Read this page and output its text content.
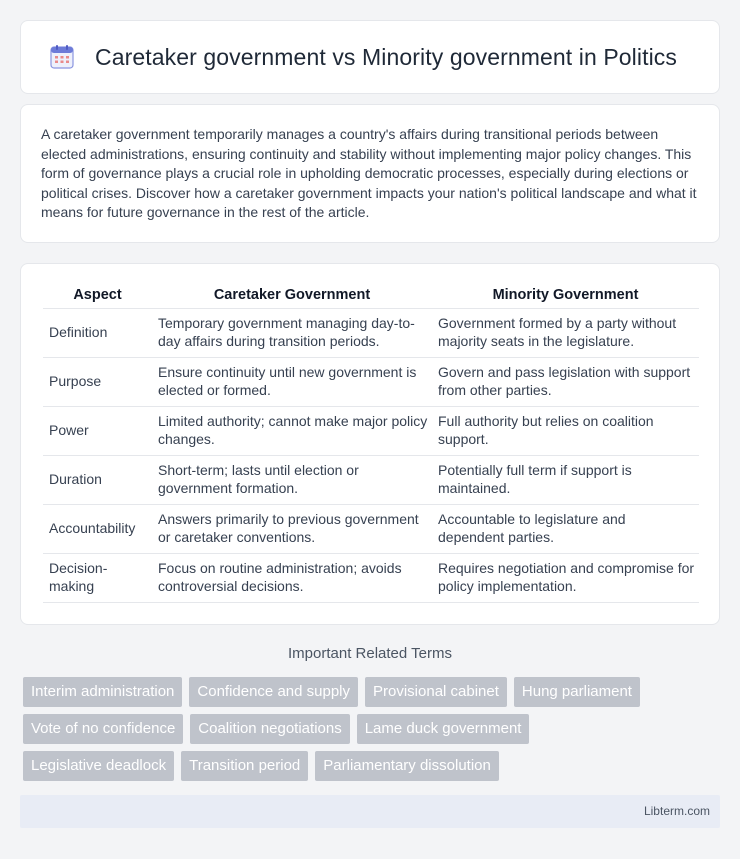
Caretaker government vs Minority government in Politics

A caretaker government temporarily manages a country's affairs during transitional periods between elected administrations, ensuring continuity and stability without implementing major policy changes. This form of governance plays a crucial role in upholding democratic processes, especially during elections or political crises. Discover how a caretaker government impacts your nation's political landscape and what it means for future governance in the rest of the article.

Aspect	Caretaker Government	Minority Government
Definition	Temporary government managing day-to-day affairs during transition periods.	Government formed by a party without majority seats in the legislature.
Purpose	Ensure continuity until new government is elected or formed.	Govern and pass legislation with support from other parties.
Power	Limited authority; cannot make major policy changes.	Full authority but relies on coalition support.
Duration	Short-term; lasts until election or government formation.	Potentially full term if support is maintained.
Accountability	Answers primarily to previous government or caretaker conventions.	Accountable to legislature and dependent parties.
Decision-making	Focus on routine administration; avoids controversial decisions.	Requires negotiation and compromise for policy implementation.
Important Related Terms
Interim administration	Confidence and supply	Provisional cabinet	Hung parliament
Vote of no confidence	Coalition negotiations	Lame duck government
Legislative deadlock	Transition period	Parliamentary dissolution
Libterm.com
